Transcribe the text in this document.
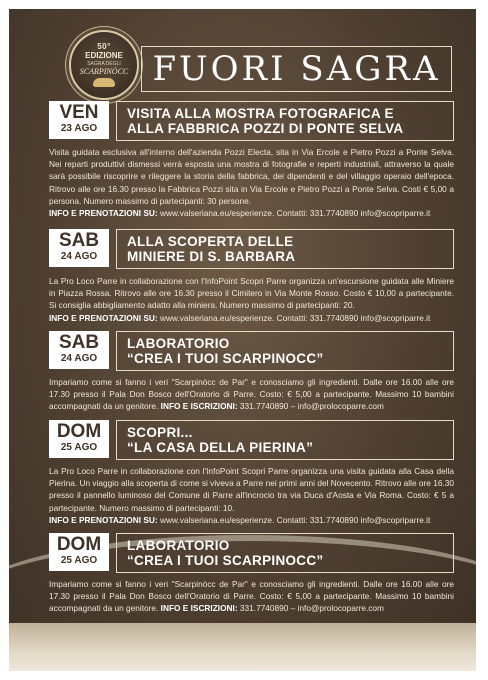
50°
EDIZIONE
SAGRA DEGLI
SCARPINÓCC FUORI SAGRA
VEN
23 AGO
VISITA ALLA MOSTRA FOTOGRAFICA E
ALLA FABBRICA POZZI DI PONTE SELVA
Visita guidata esclusiva all'interno dell'azienda Pozzi Electa, sita in Via Ercole e Pietro Pozzi a Ponte Selva. Nei reparti produttivi dismessi verrà esposta una mostra di fotografie e reperti industriali, attraverso la quale sarà possibile riscoprire e rileggere la storia della fabbrica, dei dipendenti e del villaggio operaio dell'epoca. Ritrovo alle ore 16.30 presso la Fabbrica Pozzi sita in Via Ercole e Pietro Pozzi a Ponte Selva. Costi € 5,00 a persona. Numero massimo di partecipanti: 30 persone.
INFO E PRENOTAZIONI SU: www.valseriana.eu/esperienze. Contatti: 331.7740890 info@scopriparre.it
SAB
24 AGO
ALLA SCOPERTA DELLE
MINIERE DI S. BARBARA
La Pro Loco Parre in collaborazione con l'InfoPoint Scopri Parre organizza un'escursione guidata alle Miniere in Piazza Rossa. Ritrovo alle ore 16.30 presso il Cimitero in Via Monte Rosso. Costo € 10,00 a partecipante. Si consiglia abbigliamento adatto alla miniera. Numero massimo di partecipanti: 20.
INFO E PRENOTAZIONI SU: www.valseriana.eu/esperienze. Contatti: 331.7740890 info@scopriparre.it
SAB
24 AGO
LABORATORIO
“CREA I TUOI SCARPINOCC”
Impariamo come si fanno i veri "Scarpinòcc de Par" e conosciamo gli ingredienti. Dalle ore 16.00 alle ore 17.30 presso il Pala Don Bosco dell'Oratorio di Parre. Costo: € 5,00 a partecipante. Massimo 10 bambini accompagnati da un genitore. INFO E ISCRIZIONI: 331.7740890 – info@prolocoparre.com
DOM
25 AGO
SCOPRI...
“LA CASA DELLA PIERINA”
La Pro Loco Parre in collaborazione con l'InfoPoint Scopri Parre organizza una visita guidata alla Casa della Pierina. Un viaggio alla scoperta di come si viveva a Parre nei primi anni del Novecento. Ritrovo alle ore 16.30 presso il pannello luminoso del Comune di Parre all'incrocio tra via Duca d'Aosta e Via Roma. Costo: € 5 a partecipante. Numero massimo di partecipanti: 10.
INFO E PRENOTAZIONI SU: www.valseriana.eu/esperienze. Contatti: 331.7740890 info@scopriparre.it
DOM
25 AGO
LABORATORIO
“CREA I TUOI SCARPINOCC”
Impariamo come si fanno i veri "Scarpinòcc de Par" e conosciamo gli ingredienti. Dalle ore 16.00 alle ore 17.30 presso il Pala Don Bosco dell'Oratorio di Parre. Costo: € 5,00 a partecipante. Massimo 10 bambini accompagnati da un genitore. INFO E ISCRIZIONI: 331.7740890 – info@prolocoparre.com
